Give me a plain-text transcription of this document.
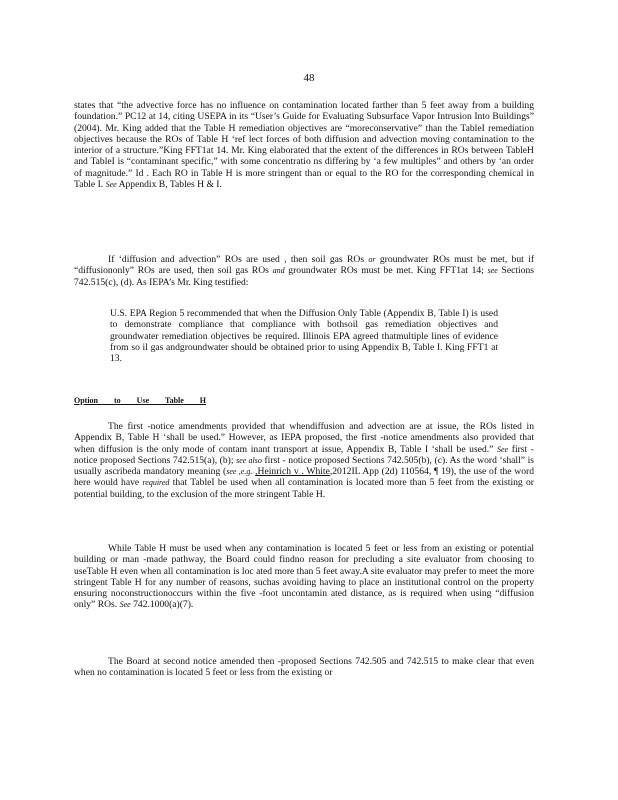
48

states that “the advective force has no influence on contamination located farther than 5 feet away from a building foundation.” PC12 at 14, citing USEPA in its “User’s Guide for Evaluating Subsurface Vapor Intrusion Into Buildings” (2004). Mr. King added that the Table H remediation objectives are “moreconservative” than the TableI remediation objectives because the ROs of Table H ‘ref lect forces of both diffusion and advection moving contamination to the interior of a structure.”King FFT1at 14. Mr. King elaborated that the extent of the differences in ROs between TableH and TableI is “contaminant specific,” with some concentratio ns differing by ‘a few multiples” and others by ‘an order of magnitude.” Id . Each RO in Table H is more stringent than or equal to the RO for the corresponding chemical in Table I. See Appendix B, Tables H & I.

If ‘diffusion and advection” ROs are used , then soil gas ROs or groundwater ROs must be met, but if “diffusiononly” ROs are used, then soil gas ROs and groundwater ROs must be met. King FFT1at 14; see Sections 742.515(c), (d). As IEPA’s Mr. King testified:

U.S. EPA Region 5 recommended that when the Diffusion Only Table (Appendix B, Table I) is used to demonstrate compliance that compliance with bothsoil gas remediation objectives and groundwater remediation objectives be required. Illinois EPA agreed thatmultiple lines of evidence from so il gas andgroundwater should be obtained prior to using Appendix B, Table I. King FFT1 at 13.

Option to Use Table H

The first -notice amendments provided that whendiffusion and advection are at issue, the ROs listed in Appendix B, Table H ‘shall be used.” However, as IEPA proposed, the first -notice amendments also provided that when diffusion is the only mode of contam inant transport at issue, Appendix B, Table I ‘shall be used.” See first - notice proposed Sections 742.515(a), (b); see also first - notice proposed Sections 742.505(b), (c). As the word ‘shall” is usually ascribeda mandatory meaning (see ,e.g. ,Heinrich v . White,2012IL App (2d) 110564, ¶ 19), the use of the word here would have required that TableI be used when all contamination is located more than 5 feet from the existing or potential building, to the exclusion of the more stringent Table H.

While Table H must be used when any contamination is located 5 feet or less from an existing or potential building or man -made pathway, the Board could findno reason for precluding a site evaluator from choosing to useTable H even when all contamination is loc ated more than 5 feet away.A site evaluator may prefer to meet the more stringent Table H for any number of reasons, suchas avoiding having to place an institutional control on the property ensuring noconstructionoccurs within the five -foot uncontamin ated distance, as is required when using “diffusion only” ROs. See 742.1000(a)(7).

The Board at second notice amended then -proposed Sections 742.505 and 742.515 to make clear that even when no contamination is located 5 feet or less from the existing or
